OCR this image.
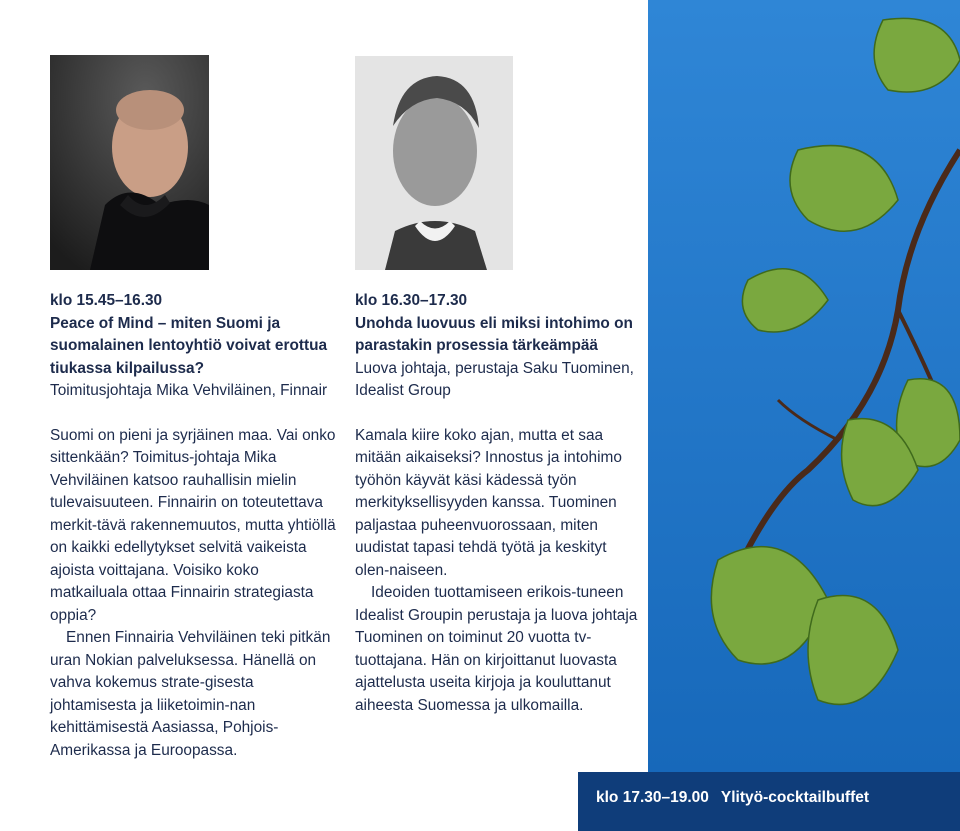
klo 15.45–16.30

Peace of Mind – miten Suomi ja suomalainen lentoyhtiö voivat erottua tiukassa kilpailussa?

Toimitusjohtaja Mika Vehviläinen, Finnair

Suomi on pieni ja syrjäinen maa. Vai onko sittenkään? Toimitus-johtaja Mika Vehviläinen katsoo rauhallisin mielin tulevaisuuteen. Finnairin on toteutettava merkit-tävä rakennemuutos, mutta yhtiöllä on kaikki edellytykset selvitä vaikeista ajoista voittajana. Voisiko koko matkailuala ottaa Finnairin strategiasta oppia?
Ennen Finnairia Vehviläinen teki pitkän uran Nokian palveluksessa. Hänellä on vahva kokemus strate-gisesta johtamisesta ja liiketoimin-nan kehittämisestä Aasiassa, Pohjois-Amerikassa ja Euroopassa.

klo 16.30–17.30

Unohda luovuus eli miksi intohimo on parastakin prosessia tärkeämpää

Luova johtaja, perustaja Saku Tuominen, Idealist Group

Kamala kiire koko ajan, mutta et saa mitään aikaiseksi? Innostus ja intohimo työhön käyvät käsi kädessä työn merkityksellisyyden kanssa. Tuominen paljastaa puheenvuorossaan, miten uudistat tapasi tehdä työtä ja keskityt olen-naiseen.
Ideoiden tuottamiseen erikois-tuneen Idealist Groupin perustaja ja luova johtaja Tuominen on toiminut 20 vuotta tv-tuottajana. Hän on kirjoittanut luovasta ajattelusta useita kirjoja ja kouluttanut aiheesta Suomessa ja ulkomailla.
klo 17.30–19.00 Ylityö-cocktailbuffet
